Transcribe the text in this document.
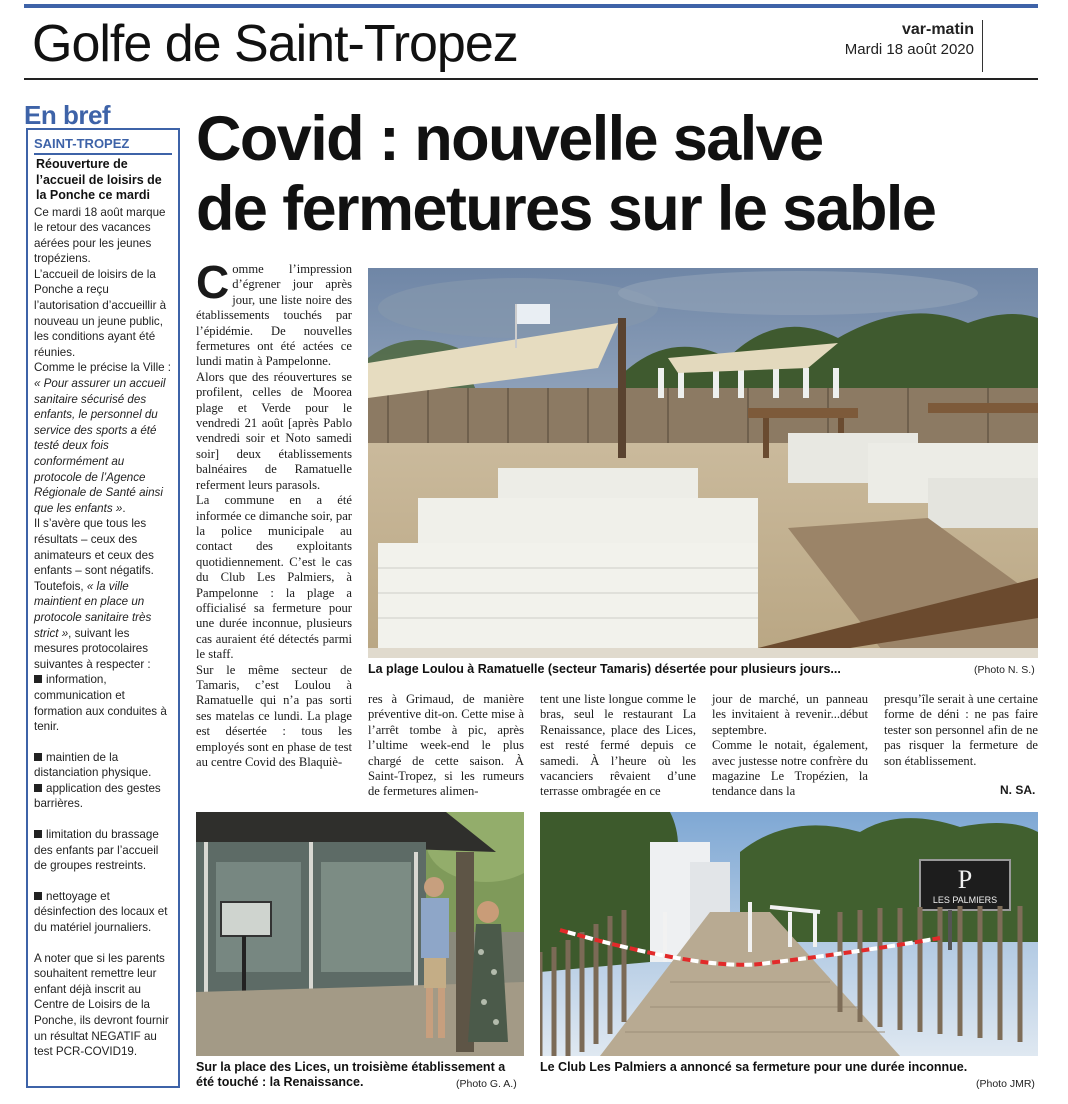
Golfe de Saint-Tropez	var-matin
Mardi 18 août 2020
En bref
SAINT-TROPEZ
Réouverture de l’accueil de loisirs de la Ponche ce mardi

Ce mardi 18 août marque le retour des vacances aérées pour les jeunes tropéziens.

L’accueil de loisirs de la Ponche a reçu l’autorisation d’accueillir à nouveau un jeune public, les conditions ayant été réunies.

Comme le précise la Ville : « Pour assurer un accueil sanitaire sécurisé des enfants, le personnel du service des sports a été testé deux fois conformément au protocole de l’Agence Régionale de Santé ainsi que les enfants ».

Il s’avère que tous les résultats – ceux des animateurs et ceux des enfants – sont négatifs.

Toutefois, « la ville maintient en place un protocole sanitaire très strict », suivant les mesures protocolaires suivantes à respecter :

information, communication et formation aux conduites à tenir.

maintien de la distanciation physique.

application des gestes barrières.

limitation du brassage des enfants par l’accueil de groupes restreints.

nettoyage et désinfection des locaux et du matériel journaliers.

A noter que si les parents souhaitent remettre leur enfant déjà inscrit au Centre de Loisirs de la Ponche, ils devront fournir un résultat NEGATIF au test PCR-COVID19.

Covid : nouvelle salve
de fermetures sur le sable
La plage Loulou à Ramatuelle (secteur Tamaris) désertée pour plusieurs jours...	(Photo N. S.)

Comme l’impression d’égrener jour après jour, une liste noire des établissements touchés par l’épidémie. De nouvelles fermetures ont été actées ce lundi matin à Pampelonne.

Alors que des réouvertures se profilent, celles de Moorea plage et Verde pour le vendredi 21 août [après Pablo vendredi soir et Noto samedi soir] deux établissements balnéaires de Ramatuelle referment leurs parasols.

La commune en a été informée ce dimanche soir, par la police municipale au contact des exploitants quotidiennement. C’est le cas du Club Les Palmiers, à Pampelonne : la plage a officialisé sa fermeture pour une durée inconnue, plusieurs cas auraient été détectés parmi le staff.

Sur le même secteur de Tamaris, c’est Loulou à Ramatuelle qui n’a pas sorti ses matelas ce lundi. La plage est désertée : tous les employés sont en phase de test au centre Covid des Blaquiè-

res à Grimaud, de manière préventive dit-on. Cette mise à l’arrêt tombe à pic, après l’ultime week-end le plus chargé de cette saison. À Saint-Tropez, si les rumeurs de fermetures alimen-
tent une liste longue comme le bras, seul le restaurant La Renaissance, place des Lices, est resté fermé depuis ce samedi. À l’heure où les vacanciers rêvaient d’une terrasse ombragée en ce

jour de marché, un panneau les invitaient à revenir...début septembre.

Comme le notait, également, avec justesse notre confrère du magazine Le Tropézien, la tendance dans la

presqu’île serait à une certaine forme de déni : ne pas faire tester son personnel afin de ne pas risquer la fermeture de son établissement.
N. SA.
Sur la place des Lices, un troisième établissement a été touché : la Renaissance.	(Photo G. A.)
P
LES PALMIERS
Le Club Les Palmiers a annoncé sa fermeture pour une durée inconnue.
(Photo JMR)
